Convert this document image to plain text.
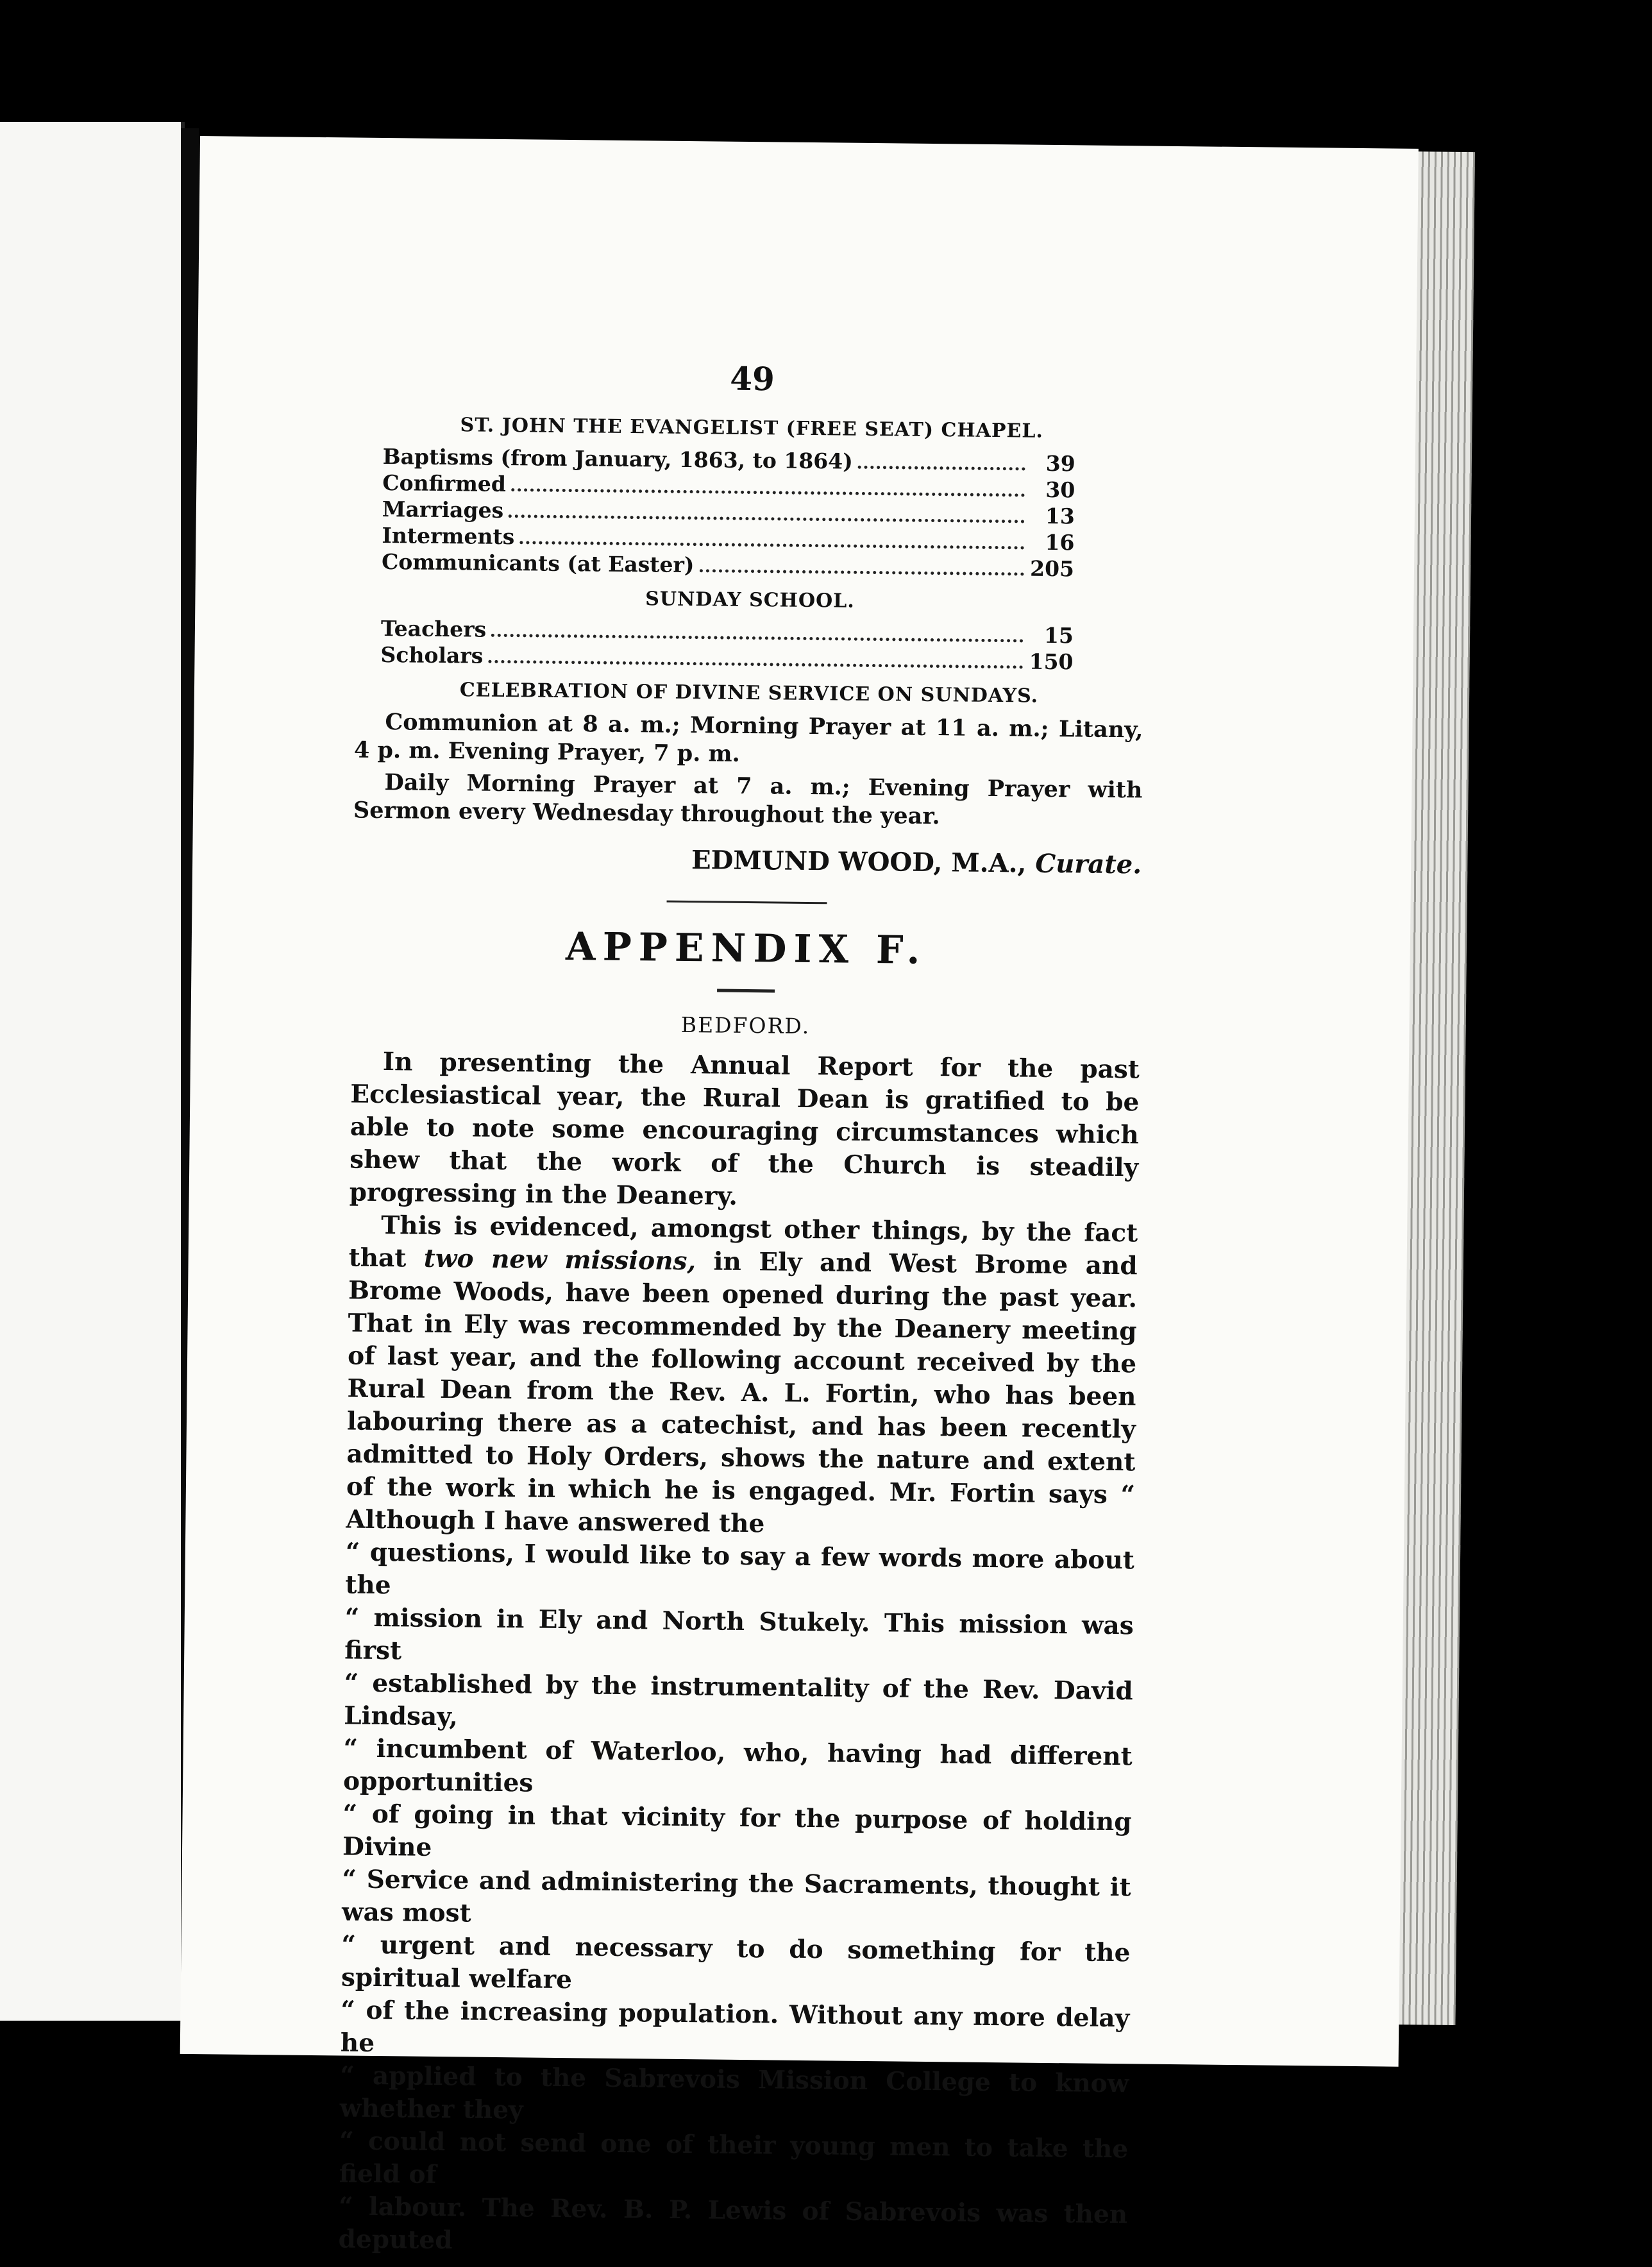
49
ST. JOHN THE EVANGELIST (FREE SEAT) CHAPEL.
Baptisms (from January, 1863, to 1864)	39
Confirmed	30
Marriages	13
Interments	16
Communicants (at Easter)	205
SUNDAY SCHOOL.
Teachers	15
Scholars	150
CELEBRATION OF DIVINE SERVICE ON SUNDAYS.

Communion at 8 a. m.; Morning Prayer at 11 a. m.; Litany, 4 p. m. Evening Prayer, 7 p. m.

Daily Morning Prayer at 7 a. m.; Evening Prayer with Sermon every Wednesday throughout the year.

EDMUND WOOD, M.A., Curate.
APPENDIX F.
BEDFORD.

In presenting the Annual Report for the past Ecclesiastical year, the Rural Dean is gratified to be able to note some encouraging circumstances which shew that the work of the Church is steadily progressing in the Deanery.

This is evidenced, amongst other things, by the fact that two new missions, in Ely and West Brome and Brome Woods, have been opened during the past year. That in Ely was recommended by the Deanery meeting of last year, and the following account received by the Rural Dean from the Rev. A. L. Fortin, who has been labouring there as a catechist, and has been recently admitted to Holy Orders, shows the nature and extent of the work in which he is engaged. Mr. Fortin says “ Although I have answered the

“ questions, I would like to say a few words more about the
“ mission in Ely and North Stukely. This mission was first
“ established by the instrumentality of the Rev. David Lindsay,
“ incumbent of Waterloo, who, having had different opportunities
“ of going in that vicinity for the purpose of holding Divine
“ Service and administering the Sacraments, thought it was most
“ urgent and necessary to do something for the spiritual welfare
“ of the increasing population. Without any more delay he
“ applied to the Sabrevois Mission College to know whether they
“ could not send one of their young men to take the field of
“ labour. The Rev. B. P. Lewis of Sabrevois was then deputed
